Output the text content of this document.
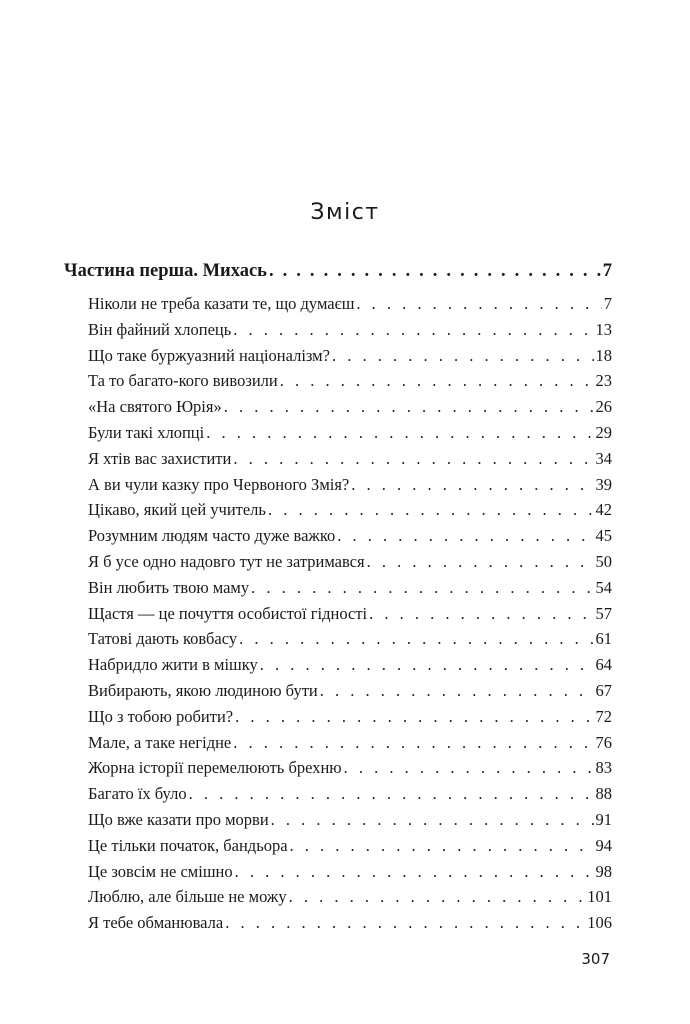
Зміст
Частина перша. Михась . . .	7
Ніколи не треба казати те, що думаєш . . .	7
Він файний хлопець . . .	13
Що таке буржуазний націоналізм? . . .	18
Та то багато-кого вивозили . . .	23
«На святого Юрія» . . .	26
Були такі хлопці . . .	29
Я хтів вас захистити . . .	34
А ви чули казку про Червоного Змія? . . .	39
Цікаво, який цей учитель . . .	42
Розумним людям часто дуже важко . . .	45
Я б усе одно надовго тут не затримався . . .	50
Він любить твою маму . . .	54
Щастя — це почуття особистої гідності . . .	57
Татові дають ковбасу . . .	61
Набридло жити в мішку . . .	64
Вибирають, якою людиною бути . . .	67
Що з тобою робити? . . .	72
Мале, а таке негідне . . .	76
Жорна історії перемелюють брехню . . .	83
Багато їх було . . .	88
Що вже казати про морви . . .	91
Це тільки початок, бандьора . . .	94
Це зовсім не смішно . . .	98
Люблю, але більше не можу . . .	101
Я тебе обманювала . . .	106
307
